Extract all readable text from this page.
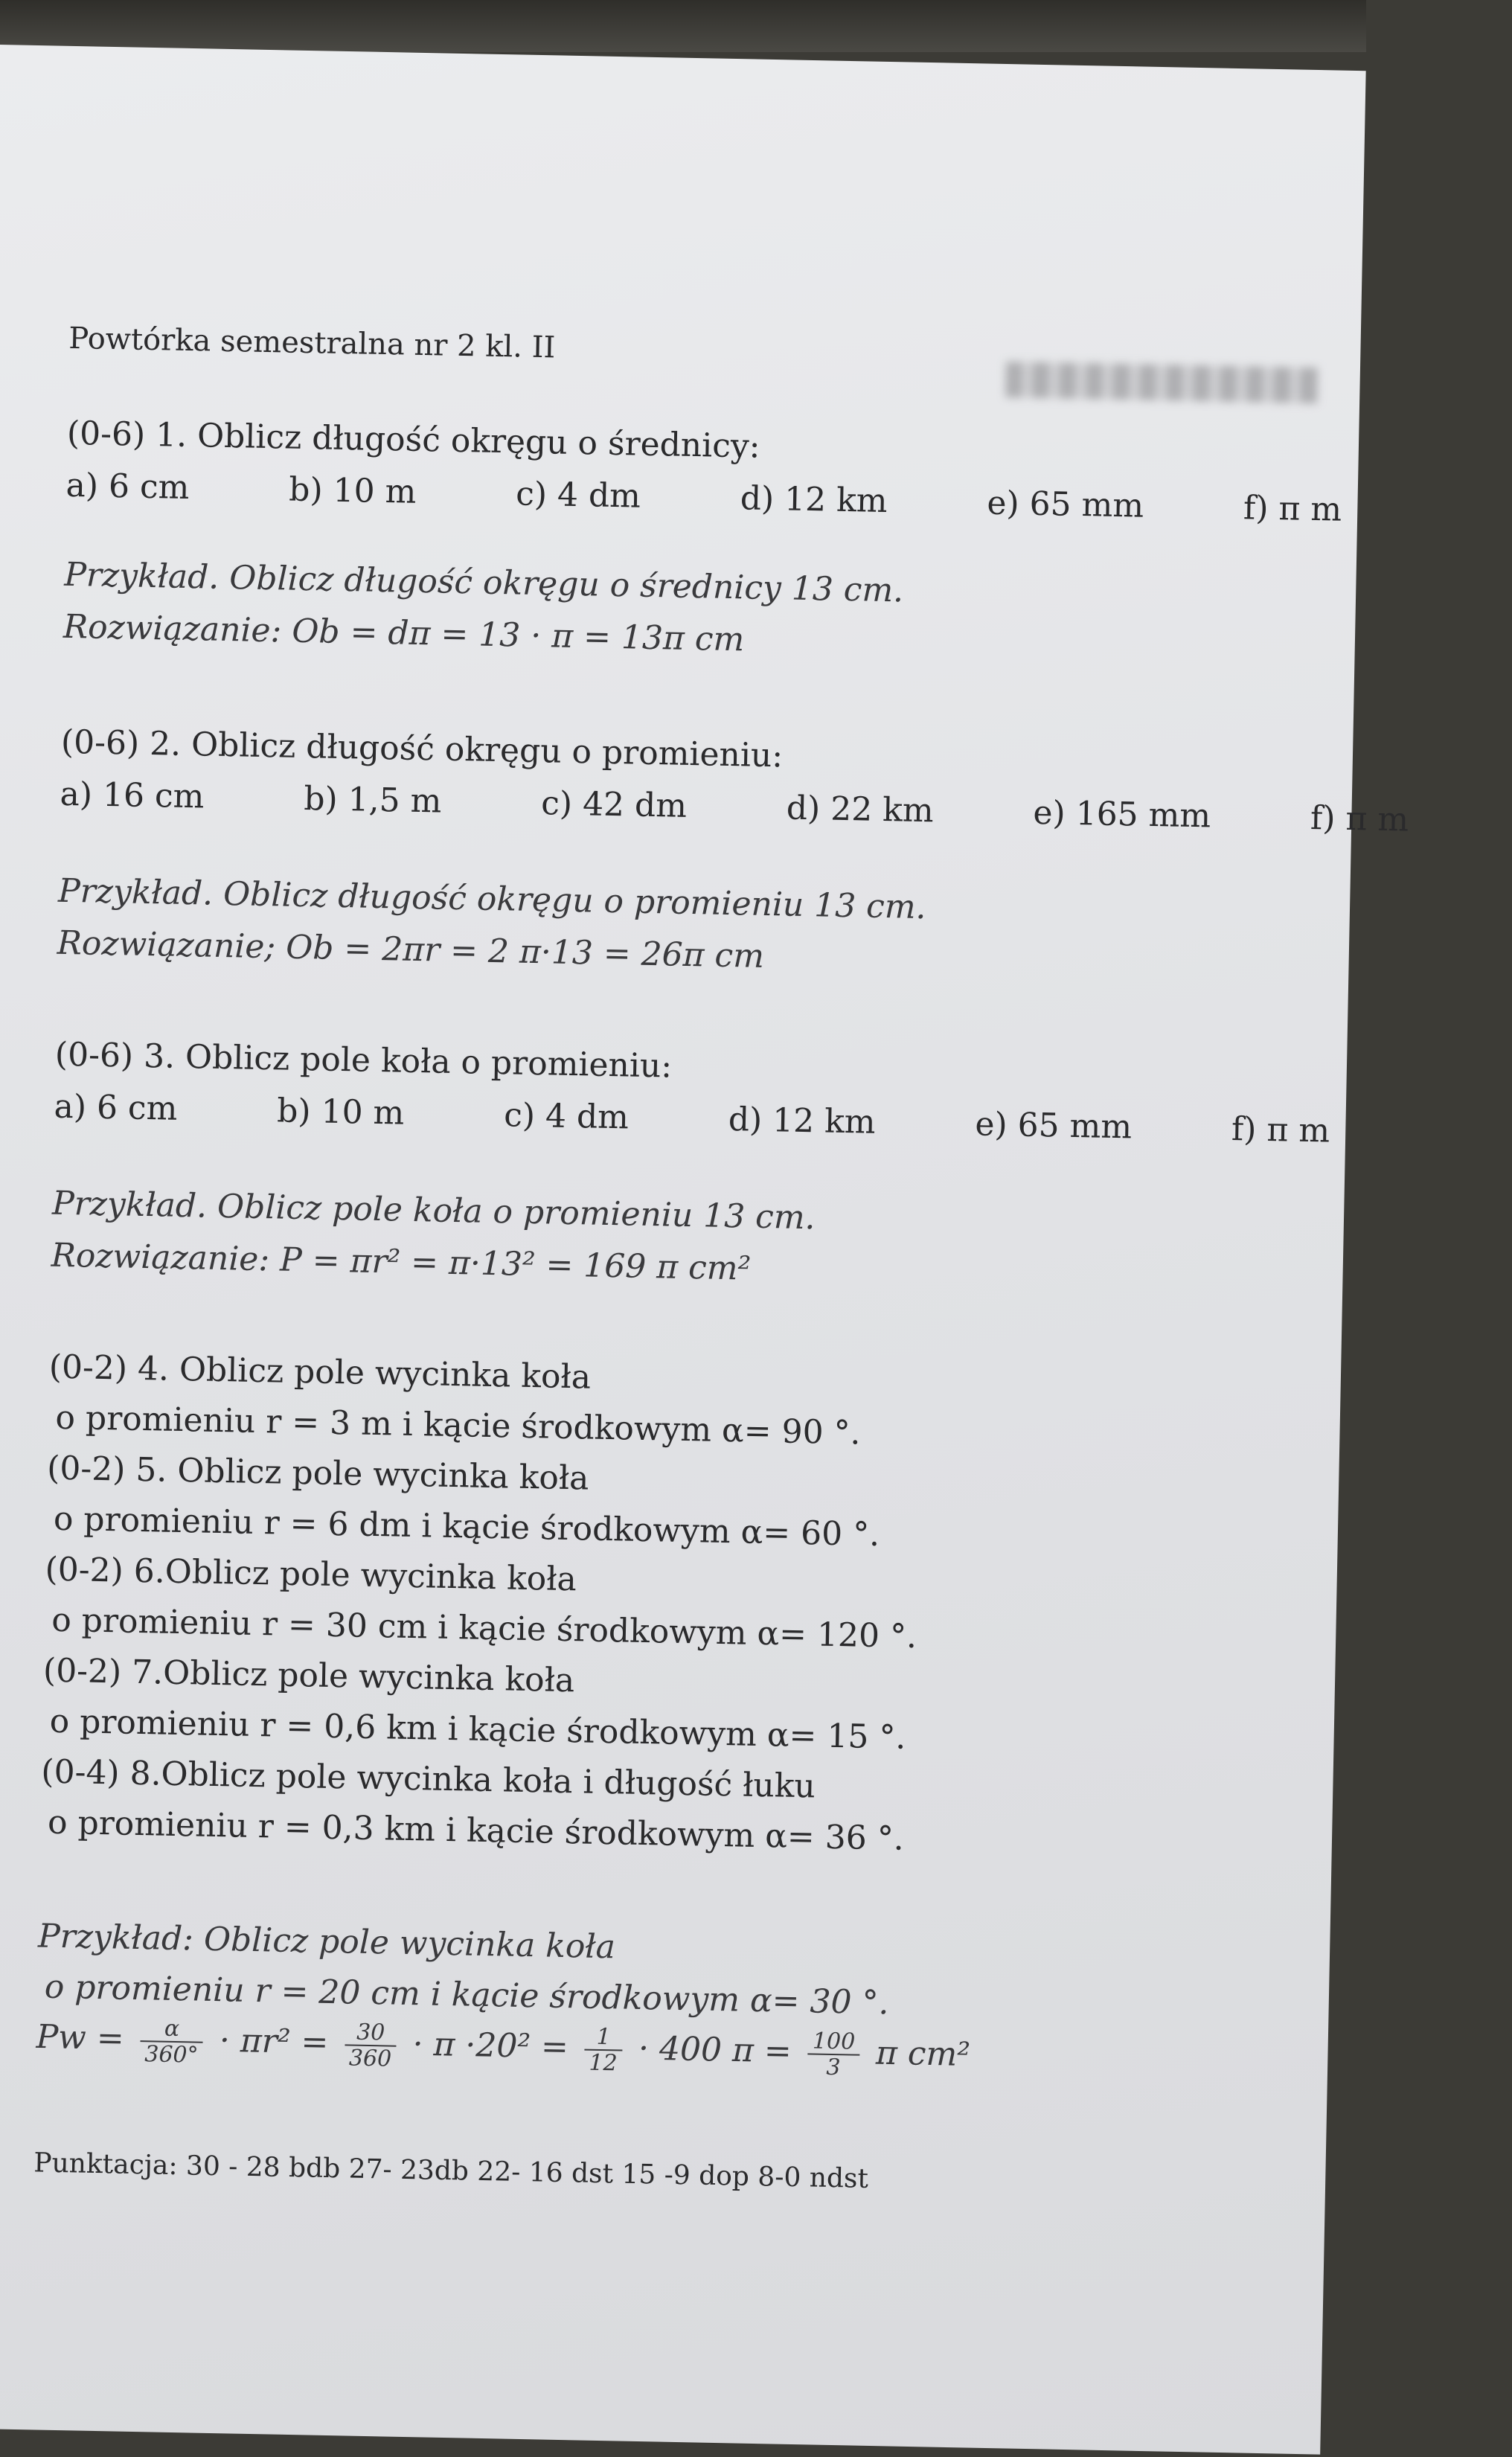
Powtórka semestralna nr 2 kl. II
(0-6) 1. Oblicz długość okręgu o średnicy:
a) 6 cm	b) 10 m	c) 4 dm	d) 12 km	e) 65 mm	f) π m
Przykład. Oblicz długość okręgu o średnicy 13 cm.
Rozwiązanie: Ob = dπ = 13 · π = 13π cm
(0-6) 2. Oblicz długość okręgu o promieniu:
a) 16 cm	b) 1,5 m	c) 42 dm	d) 22 km	e) 165 mm	f) π m
Przykład. Oblicz długość okręgu o promieniu 13 cm.
Rozwiązanie; Ob = 2πr = 2 π·13 = 26π cm
(0-6) 3. Oblicz pole koła o promieniu:
a) 6 cm	b) 10 m	c) 4 dm	d) 12 km	e) 65 mm	f) π m
Przykład. Oblicz pole koła o promieniu 13 cm.
Rozwiązanie: P = πr² = π·13² = 169 π cm²
(0-2) 4. Oblicz pole wycinka koła
o promieniu r = 3 m i kącie środkowym α= 90 °.
(0-2) 5. Oblicz pole wycinka koła
o promieniu r = 6 dm i kącie środkowym α= 60 °.
(0-2) 6.Oblicz pole wycinka koła
o promieniu r = 30 cm i kącie środkowym α= 120 °.
(0-2) 7.Oblicz pole wycinka koła
o promieniu r = 0,6 km i kącie środkowym α= 15 °.
(0-4) 8.Oblicz pole wycinka koła i długość łuku
o promieniu r = 0,3 km i kącie środkowym α= 36 °.
Przykład: Oblicz pole wycinka koła
o promieniu r = 20 cm i kącie środkowym α= 30 °.
$Pw = \frac{\alpha}{360^\circ} \cdot \pi r^2 = \frac{30}{360} \cdot \pi \cdot 20^2 = \frac{1}{12} \cdot 400$ $\pi = \frac{100}{3}$ π cm²
Punktacja: 30 - 28 bdb 27- 23db 22- 16 dst 15 -9 dop 8-0 ndst
